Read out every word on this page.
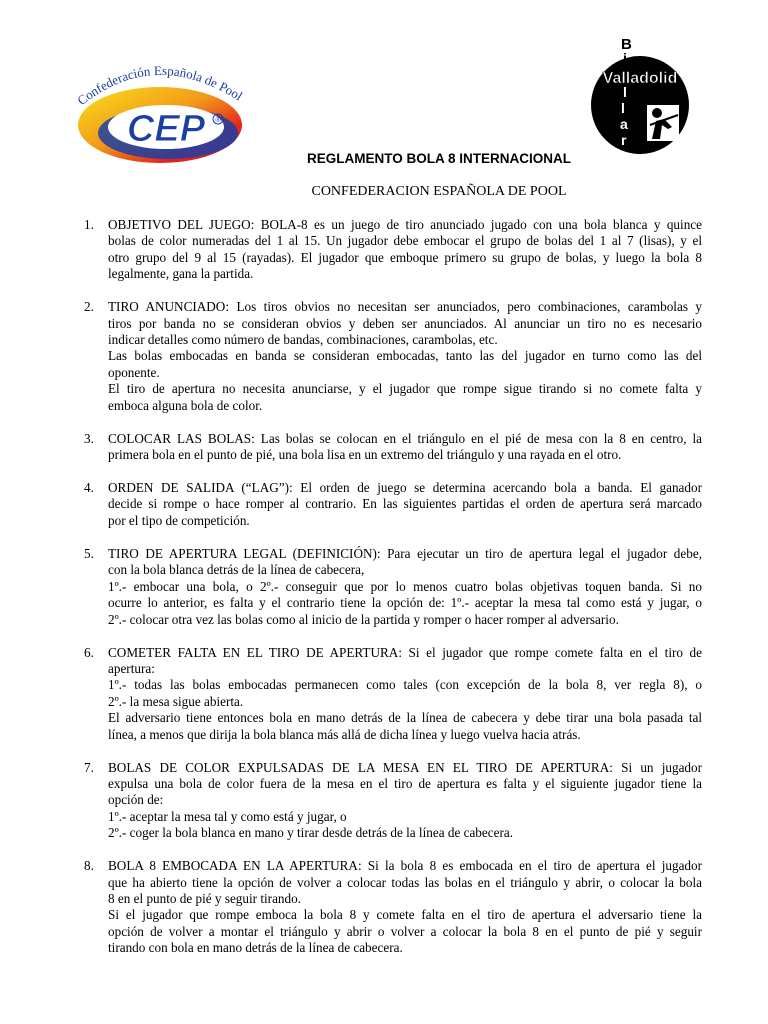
Confederación Española de Pool
CEP ®
B
l
l
a
r
Valladolid
i
REGLAMENTO BOLA 8 INTERNACIONAL
CONFEDERACION ESPAÑOLA DE POOL
1. OBJETIVO DEL JUEGO: BOLA-8 es un juego de tiro anunciado jugado con una bola blanca y quince
bolas de color numeradas del 1 al 15. Un jugador debe embocar el grupo de bolas del 1 al 7 (lisas), y el
otro grupo del 9 al 15 (rayadas). El jugador que emboque primero su grupo de bolas, y luego la bola 8
legalmente, gana la partida.
2. TIRO ANUNCIADO: Los tiros obvios no necesitan ser anunciados, pero combinaciones, carambolas y
tiros por banda no se consideran obvios y deben ser anunciados. Al anunciar un tiro no es necesario
indicar detalles como número de bandas, combinaciones, carambolas, etc.
Las bolas embocadas en banda se consideran embocadas, tanto las del jugador en turno como las del
oponente.
El tiro de apertura no necesita anunciarse, y el jugador que rompe sigue tirando si no comete falta y
emboca alguna bola de color.
3. COLOCAR LAS BOLAS: Las bolas se colocan en el triángulo en el pié de mesa con la 8 en centro, la
primera bola en el punto de pié, una bola lisa en un extremo del triángulo y una rayada en el otro.
4. ORDEN DE SALIDA (“LAG”): El orden de juego se determina acercando bola a banda. El ganador
decide si rompe o hace romper al contrario. En las siguientes partidas el orden de apertura será marcado
por el tipo de competición.
5. TIRO DE APERTURA LEGAL (DEFINICIÓN): Para ejecutar un tiro de apertura legal el jugador debe,
con la bola blanca detrás de la línea de cabecera,
1º.- embocar una bola, o 2º.- conseguir que por lo menos cuatro bolas objetivas toquen banda. Si no
ocurre lo anterior, es falta y el contrario tiene la opción de: 1º.- aceptar la mesa tal como está y jugar, o
2º.- colocar otra vez las bolas como al inicio de la partida y romper o hacer romper al adversario.
6. COMETER FALTA EN EL TIRO DE APERTURA: Si el jugador que rompe comete falta en el tiro de
apertura:
1º.- todas las bolas embocadas permanecen como tales (con excepción de la bola 8, ver regla 8), o
2º.- la mesa sigue abierta.
El adversario tiene entonces bola en mano detrás de la línea de cabecera y debe tirar una bola pasada tal
línea, a menos que dirija la bola blanca más allá de dicha línea y luego vuelva hacia atrás.
7. BOLAS DE COLOR EXPULSADAS DE LA MESA EN EL TIRO DE APERTURA: Si un jugador
expulsa una bola de color fuera de la mesa en el tiro de apertura es falta y el siguiente jugador tiene la
opción de:
1º.- aceptar la mesa tal y como está y jugar, o
2º.- coger la bola blanca en mano y tirar desde detrás de la línea de cabecera.
8. BOLA 8 EMBOCADA EN LA APERTURA: Si la bola 8 es embocada en el tiro de apertura el jugador
que ha abierto tiene la opción de volver a colocar todas las bolas en el triángulo y abrir, o colocar la bola
8 en el punto de pié y seguir tirando.
Si el jugador que rompe emboca la bola 8 y comete falta en el tiro de apertura el adversario tiene la
opción de volver a montar el triángulo y abrir o volver a colocar la bola 8 en el punto de pié y seguir
tirando con bola en mano detrás de la línea de cabecera.
